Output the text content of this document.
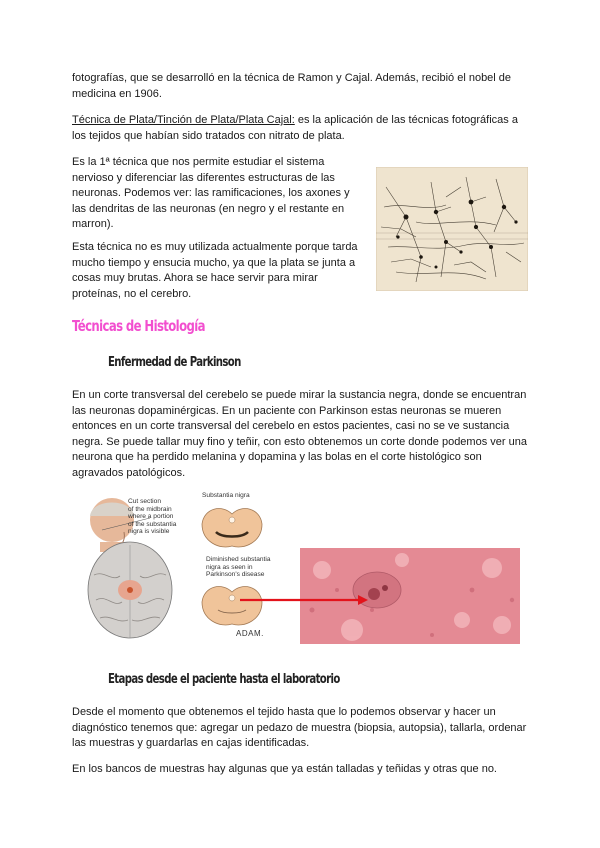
fotografías, que se desarrolló en la técnica de Ramon y Cajal. Además, recibió el nobel de
medicina en 1906.

Técnica de Plata/Tinción de Plata/Plata Cajal: es la aplicación de las técnicas fotográficas a los tejidos que habían sido tratados con nitrato de plata.

Es la 1ª técnica que nos permite estudiar el sistema nervioso y diferenciar las diferentes estructuras de las neuronas. Podemos ver: las ramificaciones, los axones y las dendritas de las neuronas (en negro y el restante en marron).

Esta técnica no es muy utilizada actualmente porque tarda mucho tiempo y ensucia mucho, ya que la plata se junta a cosas muy brutas. Ahora se hace servir para mirar proteínas, no el cerebro.

Técnicas de Histología
Enfermedad de Parkinson

En un corte transversal del cerebelo se puede mirar la sustancia negra, donde se encuentran las neuronas dopaminérgicas. En un paciente con Parkinson estas neuronas se mueren entonces en un corte transversal del cerebelo en estos pacientes, casi no se ve sustancia negra. Se puede tallar muy fino y teñir, con esto obtenemos un corte donde podemos ver una neurona que ha perdido melanina y dopamina y las bolas en el corte histológico son agravados patológicos.

Cut section
of the midbrain
where a portion
of the substantia
nigra is visible
Substantia nigra
Diminished substantia
nigra as seen in
Parkinson's disease
ADAM.
Etapas desde el paciente hasta el laboratorio

Desde el momento que obtenemos el tejido hasta que lo podemos observar y hacer un diagnóstico tenemos que: agregar un pedazo de muestra (biopsia, autopsia), tallarla, ordenar las muestras y guardarlas en cajas identificadas.

En los bancos de muestras hay algunas que ya están talladas y teñidas y otras que no.
